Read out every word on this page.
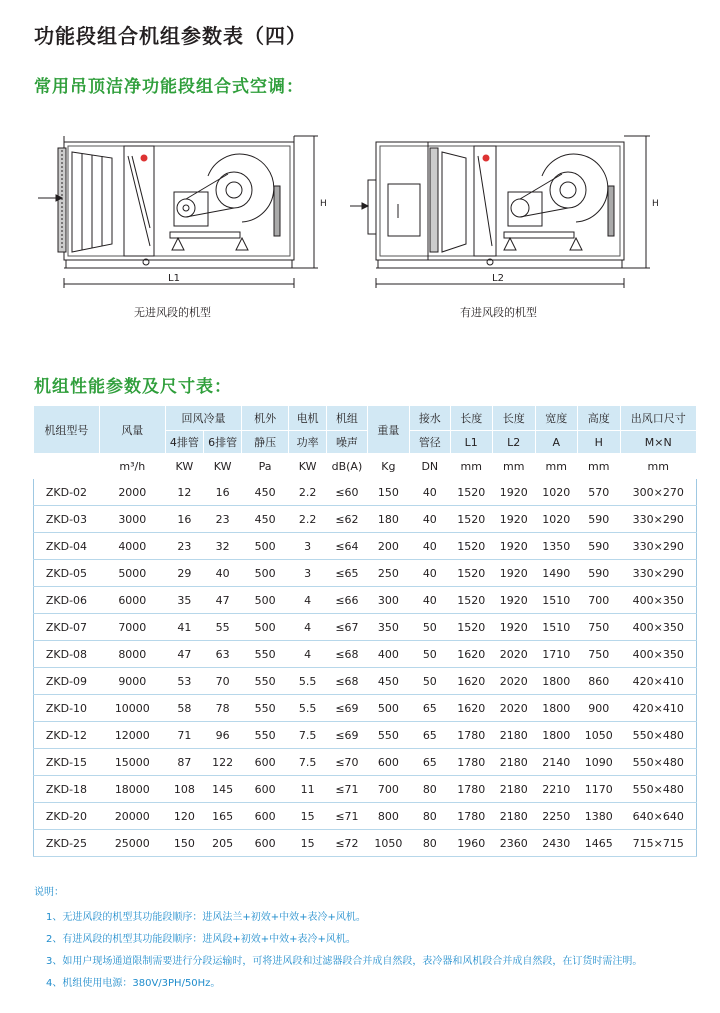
功能段组合机组参数表（四）
常用吊顶洁净功能段组合式空调：
L1
H
无进风段的机型
L2
H
有进风段的机型
机组性能参数及尺寸表：
机组型号	风量	回风冷量		机外	电机	机组	重量	接水	长度	长度	宽度	高度	出风口尺寸
		4排管	6排管	静压	功率	噪声		管径	L1	L2	A	H	M×N
	m³/h	KW	KW	Pa	KW	dB(A)	Kg	DN	mm	mm	mm	mm	mm
ZKD-02	2000	12	16	450	2.2	≤60	150	40	1520	1920	1020	570	300×270
ZKD-03	3000	16	23	450	2.2	≤62	180	40	1520	1920	1020	590	330×290
ZKD-04	4000	23	32	500	3	≤64	200	40	1520	1920	1350	590	330×290
ZKD-05	5000	29	40	500	3	≤65	250	40	1520	1920	1490	590	330×290
ZKD-06	6000	35	47	500	4	≤66	300	40	1520	1920	1510	700	400×350
ZKD-07	7000	41	55	500	4	≤67	350	50	1520	1920	1510	750	400×350
ZKD-08	8000	47	63	550	4	≤68	400	50	1620	2020	1710	750	400×350
ZKD-09	9000	53	70	550	5.5	≤68	450	50	1620	2020	1800	860	420×410
ZKD-10	10000	58	78	550	5.5	≤69	500	65	1620	2020	1800	900	420×410
ZKD-12	12000	71	96	550	7.5	≤69	550	65	1780	2180	1800	1050	550×480
ZKD-15	15000	87	122	600	7.5	≤70	600	65	1780	2180	2140	1090	550×480
ZKD-18	18000	108	145	600	11	≤71	700	80	1780	2180	2210	1170	550×480
ZKD-20	20000	120	165	600	15	≤71	800	80	1780	2180	2250	1380	640×640
ZKD-25	25000	150	205	600	15	≤72	1050	80	1960	2360	2430	1465	715×715
说明：
1、无进风段的机型其功能段顺序：进风法兰+初效+中效+表冷+风机。
2、有进风段的机型其功能段顺序：进风段+初效+中效+表冷+风机。
3、如用户现场通道限制需要进行分段运输时，可将进风段和过滤器段合并成自然段，表冷器和风机段合并成自然段，在订货时需注明。
4、机组使用电源：380V/3PH/50Hz。
